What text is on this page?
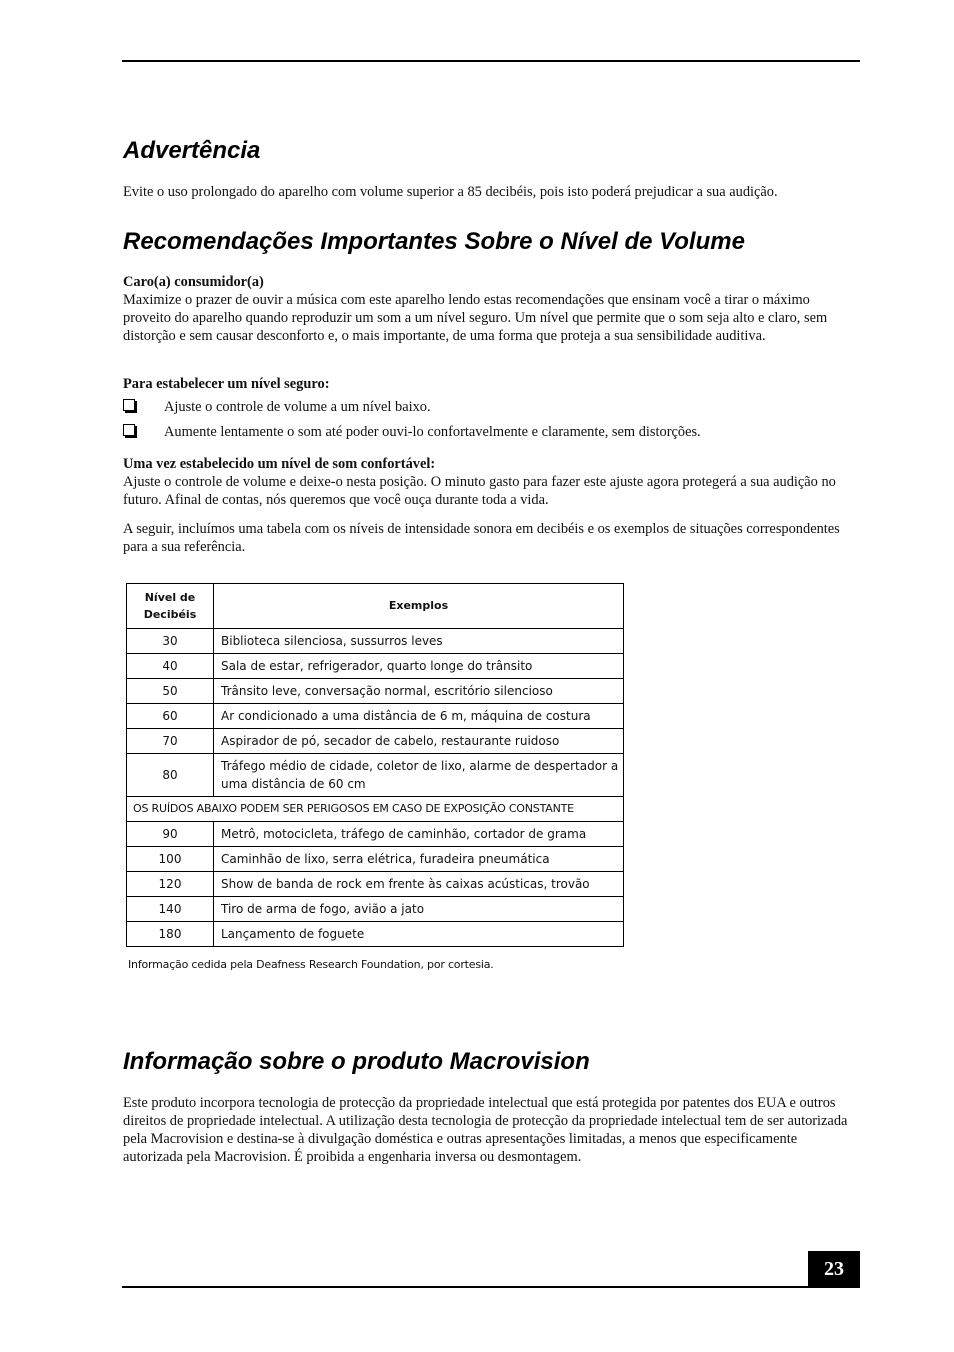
Advertência

Evite o uso prolongado do aparelho com volume superior a 85 decibéis, pois isto poderá prejudicar a sua audição.

Recomendações Importantes Sobre o Nível de Volume

Caro(a) consumidor(a)

Maximize o prazer de ouvir a música com este aparelho lendo estas recomendações que ensinam você a tirar o máximo proveito do aparelho quando reproduzir um som a um nível seguro. Um nível que permite que o som seja alto e claro, sem distorção e sem causar desconforto e, o mais importante, de uma forma que proteja a sua sensibilidade auditiva.

Para estabelecer um nível seguro:

Ajuste o controle de volume a um nível baixo.
Aumente lentamente o som até poder ouvi-lo confortavelmente e claramente, sem distorções.

Uma vez estabelecido um nível de som confortável:

Ajuste o controle de volume e deixe-o nesta posição. O minuto gasto para fazer este ajuste agora protegerá a sua audição no futuro. Afinal de contas, nós queremos que você ouça durante toda a vida.

A seguir, incluímos uma tabela com os níveis de intensidade sonora em decibéis e os exemplos de situações correspondentes para a sua referência.

Nível de Decibéis	Exemplos
30	Biblioteca silenciosa, sussurros leves
40	Sala de estar, refrigerador, quarto longe do trânsito
50	Trânsito leve, conversação normal, escritório silencioso
60	Ar condicionado a uma distância de 6 m, máquina de costura
70	Aspirador de pó, secador de cabelo, restaurante ruidoso
80	Tráfego médio de cidade, coletor de lixo, alarme de despertador a uma distância de 60 cm
OS RUÍDOS ABAIXO PODEM SER PERIGOSOS EM CASO DE EXPOSIÇÃO CONSTANTE	
90	Metrô, motocicleta, tráfego de caminhão, cortador de grama
100	Caminhão de lixo, serra elétrica, furadeira pneumática
120	Show de banda de rock em frente às caixas acústicas, trovão
140	Tiro de arma de fogo, avião a jato
180	Lançamento de foguete
Informação cedida pela Deafness Research Foundation, por cortesia.
Informação sobre o produto Macrovision

Este produto incorpora tecnologia de protecção da propriedade intelectual que está protegida por patentes dos EUA e outros direitos de propriedade intelectual. A utilização desta tecnologia de protecção da propriedade intelectual tem de ser autorizada pela Macrovision e destina-se à divulgação doméstica e outras apresentações limitadas, a menos que especificamente autorizada pela Macrovision. É proibida a engenharia inversa ou desmontagem.

23
